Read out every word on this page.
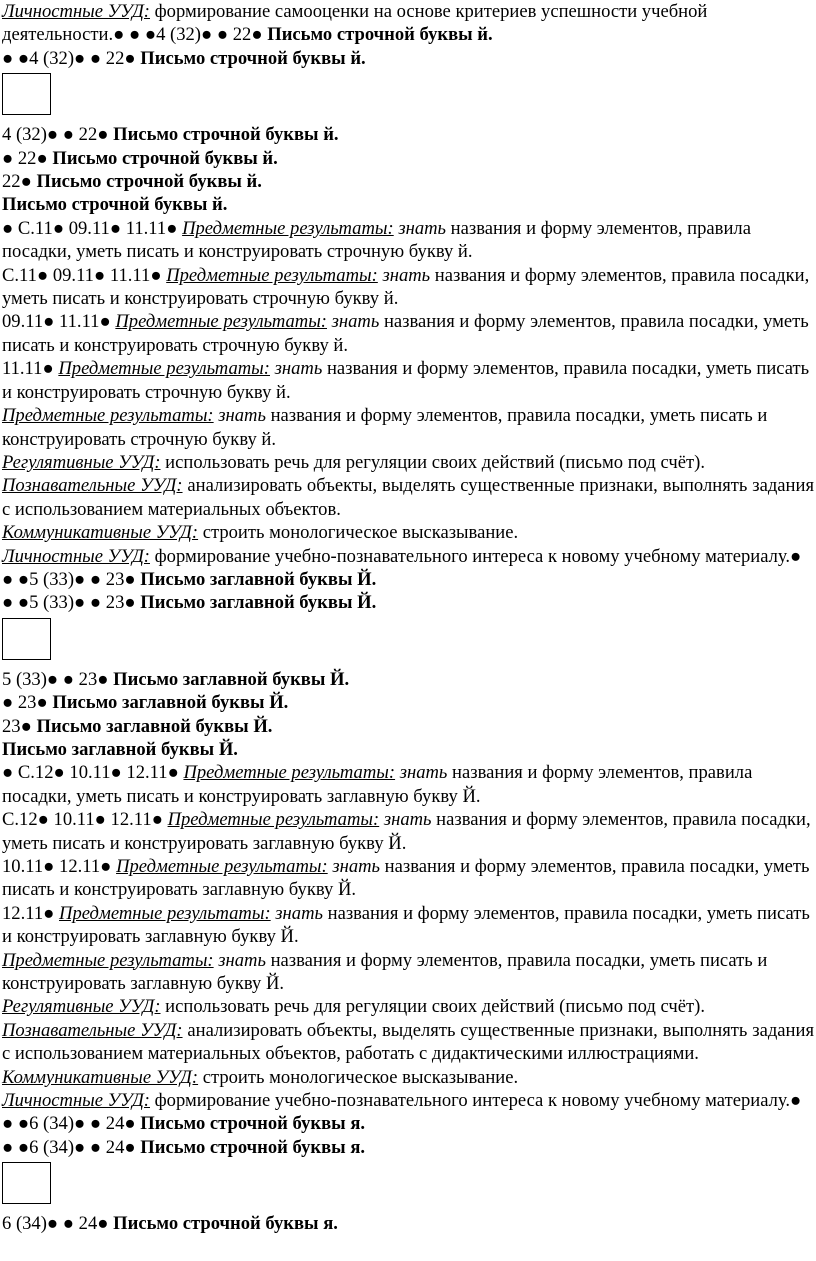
Личностные УУД: формирование самооценки на основе критериев успешности учебной деятельности.● ● ●4 (32)● ● 22● Письмо строчной буквы й.
● ●4 (32)● ● 22● Письмо строчной буквы й.
4 (32)● ● 22● Письмо строчной буквы й.
● 22● Письмо строчной буквы й.
22● Письмо строчной буквы й.
Письмо строчной буквы й.
● С.11● 09.11● 11.11● Предметные результаты: знать названия и форму элементов, правила посадки, уметь писать и конструировать строчную букву й.
С.11● 09.11● 11.11● Предметные результаты: знать названия и форму элементов, правила посадки, уметь писать и конструировать строчную букву й.
09.11● 11.11● Предметные результаты: знать названия и форму элементов, правила посадки, уметь писать и конструировать строчную букву й.
11.11● Предметные результаты: знать названия и форму элементов, правила посадки, уметь писать и конструировать строчную букву й.
Предметные результаты: знать названия и форму элементов, правила посадки, уметь писать и конструировать строчную букву й.
Регулятивные УУД: использовать речь для регуляции своих действий (письмо под счёт).
Познавательные УУД: анализировать объекты, выделять существенные признаки, выполнять задания с использованием материальных объектов.
Коммуникативные УУД: строить монологическое высказывание.
Личностные УУД: формирование учебно-познавательного интереса к новому учебному материалу.● ● ●5 (33)● ● 23● Письмо заглавной буквы Й.
● ●5 (33)● ● 23● Письмо заглавной буквы Й.
5 (33)● ● 23● Письмо заглавной буквы Й.
● 23● Письмо заглавной буквы Й.
23● Письмо заглавной буквы Й.
Письмо заглавной буквы Й.
● С.12● 10.11● 12.11● Предметные результаты: знать названия и форму элементов, правила посадки, уметь писать и конструировать заглавную букву Й.
С.12● 10.11● 12.11● Предметные результаты: знать названия и форму элементов, правила посадки, уметь писать и конструировать заглавную букву Й.
10.11● 12.11● Предметные результаты: знать названия и форму элементов, правила посадки, уметь писать и конструировать заглавную букву Й.
12.11● Предметные результаты: знать названия и форму элементов, правила посадки, уметь писать и конструировать заглавную букву Й.
Предметные результаты: знать названия и форму элементов, правила посадки, уметь писать и конструировать заглавную букву Й.
Регулятивные УУД: использовать речь для регуляции своих действий (письмо под счёт).
Познавательные УУД: анализировать объекты, выделять существенные признаки, выполнять задания с использованием материальных объектов, работать с дидактическими иллюстрациями.
Коммуникативные УУД: строить монологическое высказывание.
Личностные УУД: формирование учебно-познавательного интереса к новому учебному материалу.● ● ●6 (34)● ● 24● Письмо строчной буквы я.
● ●6 (34)● ● 24● Письмо строчной буквы я.
6 (34)● ● 24● Письмо строчной буквы я.
